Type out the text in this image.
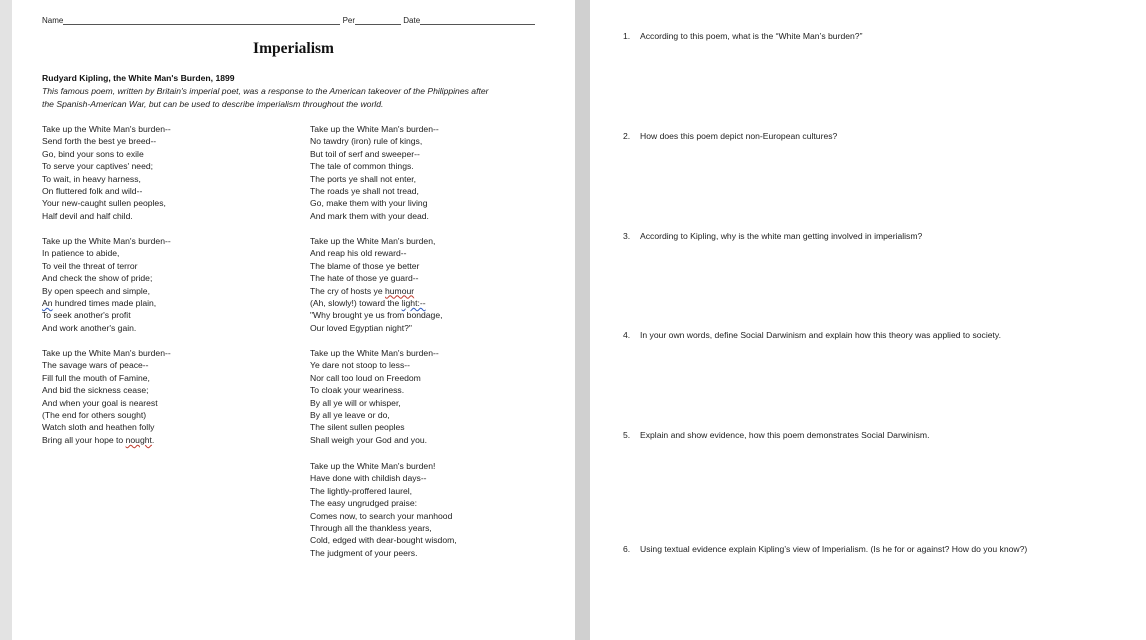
Name	Per	Date
Imperialism
Rudyard Kipling, the White Man's Burden, 1899
This famous poem, written by Britain's imperial poet, was a response to the American takeover of the Philippines after
the Spanish-American War, but can be used to describe imperialism throughout the world.
Take up the White Man's burden--
Send forth the best ye breed--
Go, bind your sons to exile
To serve your captives' need;
To wait, in heavy harness,
On fluttered folk and wild--
Your new-caught sullen peoples,
Half devil and half child.
Take up the White Man's burden--
In patience to abide,
To veil the threat of terror
And check the show of pride;
By open speech and simple,
An hundred times made plain,
To seek another's profit
And work another's gain.
Take up the White Man's burden--
The savage wars of peace--
Fill full the mouth of Famine,
And bid the sickness cease;
And when your goal is nearest
(The end for others sought)
Watch sloth and heathen folly
Bring all your hope to nought.
Take up the White Man's burden--
No tawdry (iron) rule of kings,
But toil of serf and sweeper--
The tale of common things.
The ports ye shall not enter,
The roads ye shall not tread,
Go, make them with your living
And mark them with your dead.
Take up the White Man's burden,
And reap his old reward--
The blame of those ye better
The hate of those ye guard--
The cry of hosts ye humour
(Ah, slowly!) toward the light:--
"Why brought ye us from bondage,
Our loved Egyptian night?"
Take up the White Man's burden--
Ye dare not stoop to less--
Nor call too loud on Freedom
To cloak your weariness.
By all ye will or whisper,
By all ye leave or do,
The silent sullen peoples
Shall weigh your God and you.
Take up the White Man's burden!
Have done with childish days--
The lightly-proffered laurel,
The easy ungrudged praise:
Comes now, to search your manhood
Through all the thankless years,
Cold, edged with dear-bought wisdom,
The judgment of your peers.
1. According to this poem, what is the “White Man’s burden?”
2. How does this poem depict non-European cultures?
3. According to Kipling, why is the white man getting involved in imperialism?
4. In your own words, define Social Darwinism and explain how this theory was applied to society.
5. Explain and show evidence, how this poem demonstrates Social Darwinism.
6. Using textual evidence explain Kipling’s view of Imperialism. (Is he for or against? How do you know?)
